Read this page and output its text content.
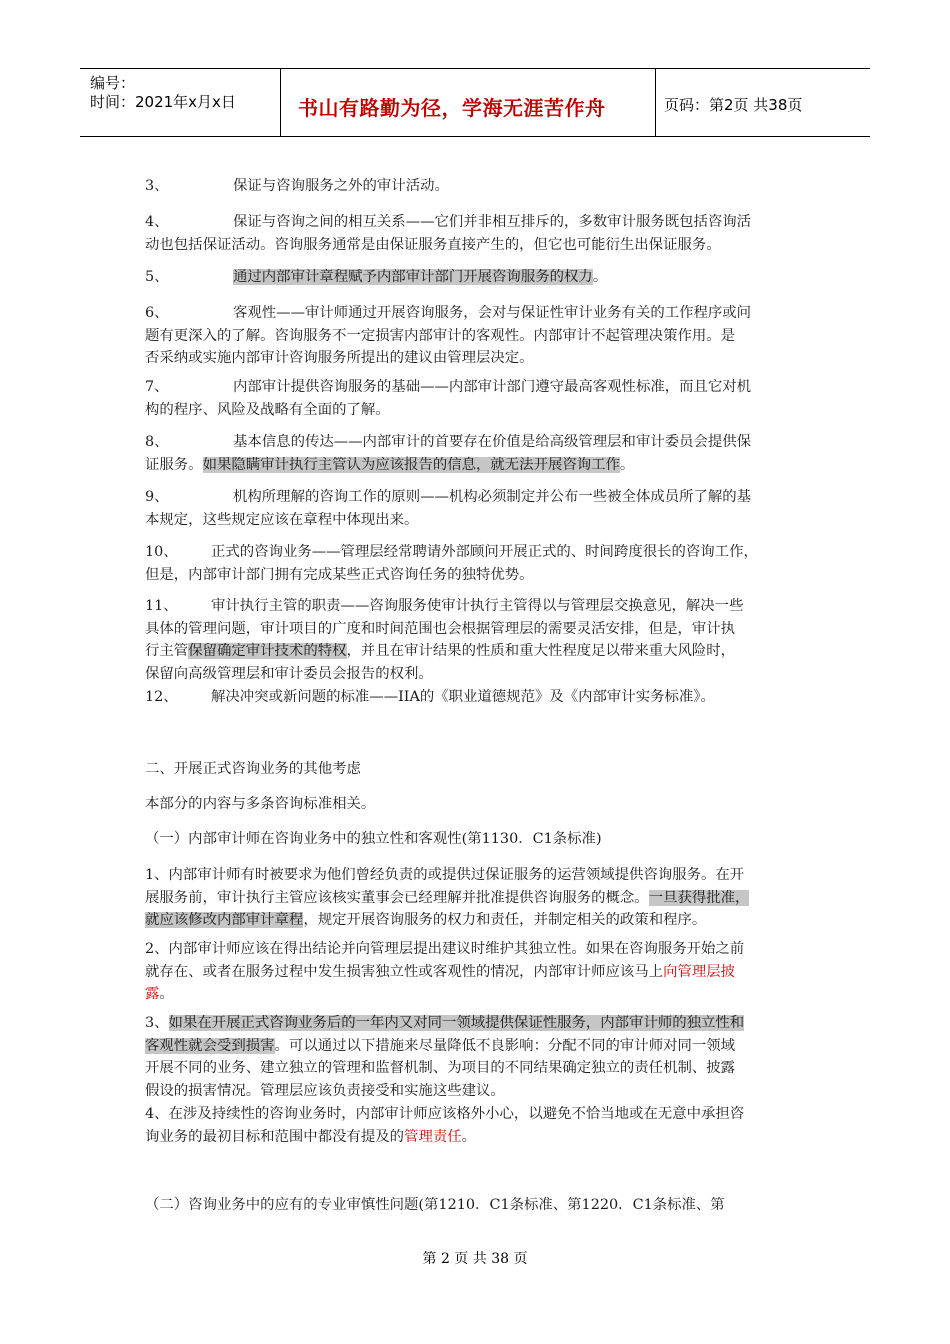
编号：
时间：2021年x月x日	书山有路勤为径，学海无涯苦作舟	页码：第2页 共38页
3、	保证与咨询服务之外的审计活动。
4、	保证与咨询之间的相互关系——它们并非相互排斥的，多数审计服务既包括咨询活
动也包括保证活动。咨询服务通常是由保证服务直接产生的，但它也可能衍生出保证服务。
5、	通过内部审计章程赋予内部审计部门开展咨询服务的权力。
6、	客观性——审计师通过开展咨询服务，会对与保证性审计业务有关的工作程序或问
题有更深入的了解。咨询服务不一定损害内部审计的客观性。内部审计不起管理决策作用。是
否采纳或实施内部审计咨询服务所提出的建议由管理层决定。
7、	内部审计提供咨询服务的基础——内部审计部门遵守最高客观性标准，而且它对机
构的程序、风险及战略有全面的了解。
8、	基本信息的传达——内部审计的首要存在价值是给高级管理层和审计委员会提供保
证服务。如果隐瞒审计执行主管认为应该报告的信息，就无法开展咨询工作。
9、	机构所理解的咨询工作的原则——机构必须制定并公布一些被全体成员所了解的基
本规定，这些规定应该在章程中体现出来。
10、 正式的咨询业务——管理层经常聘请外部顾问开展正式的、时间跨度很长的咨询工作，
但是，内部审计部门拥有完成某些正式咨询任务的独特优势。
11、 审计执行主管的职责——咨询服务使审计执行主管得以与管理层交换意见，解决一些
具体的管理问题，审计项目的广度和时间范围也会根据管理层的需要灵活安排，但是，审计执
行主管保留确定审计技术的特权，并且在审计结果的性质和重大性程度足以带来重大风险时，
保留向高级管理层和审计委员会报告的权利。
12、 解决冲突或新问题的标准——IIA的《职业道德规范》及《内部审计实务标准》。
二、开展正式咨询业务的其他考虑
本部分的内容与多条咨询标准相关。
（一）内部审计师在咨询业务中的独立性和客观性(第1130．C1条标准)
1、内部审计师有时被要求为他们曾经负责的或提供过保证服务的运营领域提供咨询服务。在开
展服务前，审计执行主管应该核实董事会已经理解并批准提供咨询服务的概念。一旦获得批准，
就应该修改内部审计章程，规定开展咨询服务的权力和责任，并制定相关的政策和程序。
2、内部审计师应该在得出结论并向管理层提出建议时维护其独立性。如果在咨询服务开始之前
就存在、或者在服务过程中发生损害独立性或客观性的情况，内部审计师应该马上向管理层披
露。
3、如果在开展正式咨询业务后的一年内又对同一领域提供保证性服务，内部审计师的独立性和
客观性就会受到损害。可以通过以下措施来尽量降低不良影响：分配不同的审计师对同一领域
开展不同的业务、建立独立的管理和监督机制、为项目的不同结果确定独立的责任机制、披露
假设的损害情况。管理层应该负责接受和实施这些建议。
4、在涉及持续性的咨询业务时，内部审计师应该格外小心，以避免不恰当地或在无意中承担咨
询业务的最初目标和范围中都没有提及的管理责任。
（二）咨询业务中的应有的专业审慎性问题(第1210．C1条标准、第1220．C1条标准、第
第 2 页 共 38 页
